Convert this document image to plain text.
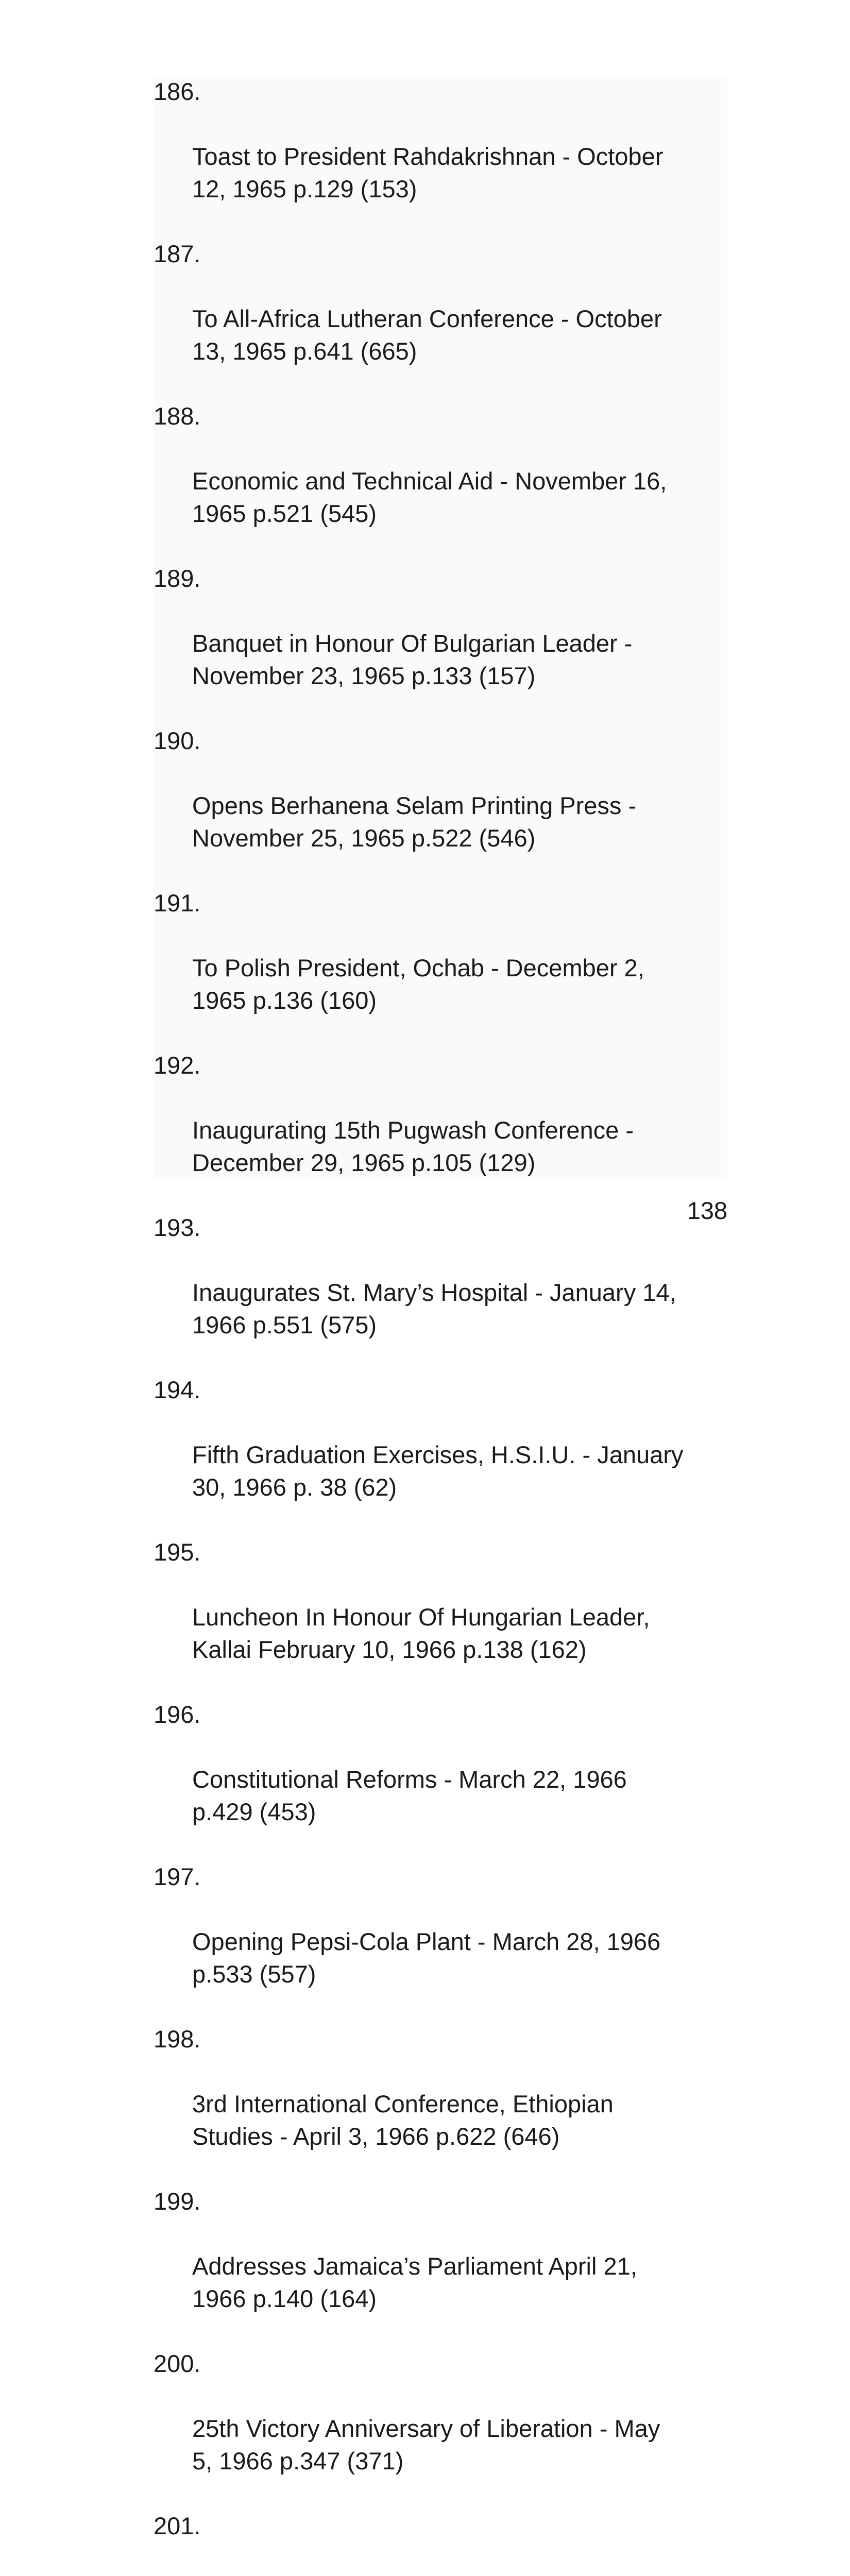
186.

Toast to President Rahdakrishnan - October

12, 1965 p.129 (153)

187.

To All-Africa Lutheran Conference - October

13, 1965 p.641 (665)

188.

Economic and Technical Aid - November 16,

1965 p.521 (545)

189.

Banquet in Honour Of Bulgarian Leader -

November 23, 1965 p.133 (157)

190.

Opens Berhanena Selam Printing Press -

November 25, 1965 p.522 (546)

191.

To Polish President, Ochab - December 2,

1965 p.136 (160)

192.

Inaugurating 15th Pugwash Conference -

December 29, 1965 p.105 (129)

193.

Inaugurates St. Mary’s Hospital - January 14,

1966 p.551 (575)

194.

Fifth Graduation Exercises, H.S.I.U. - January

30, 1966 p. 38 (62)

195.

Luncheon In Honour Of Hungarian Leader,

Kallai February 10, 1966 p.138 (162)

196.

Constitutional Reforms - March 22, 1966

p.429 (453)

197.

Opening Pepsi-Cola Plant - March 28, 1966

p.533 (557)

198.

3rd International Conference, Ethiopian

Studies - April 3, 1966 p.622 (646)

199.

Addresses Jamaica’s Parliament April 21,

1966 p.140 (164)

200.

25th Victory Anniversary of Liberation - May

5, 1966 p.347 (371)

201.

138
